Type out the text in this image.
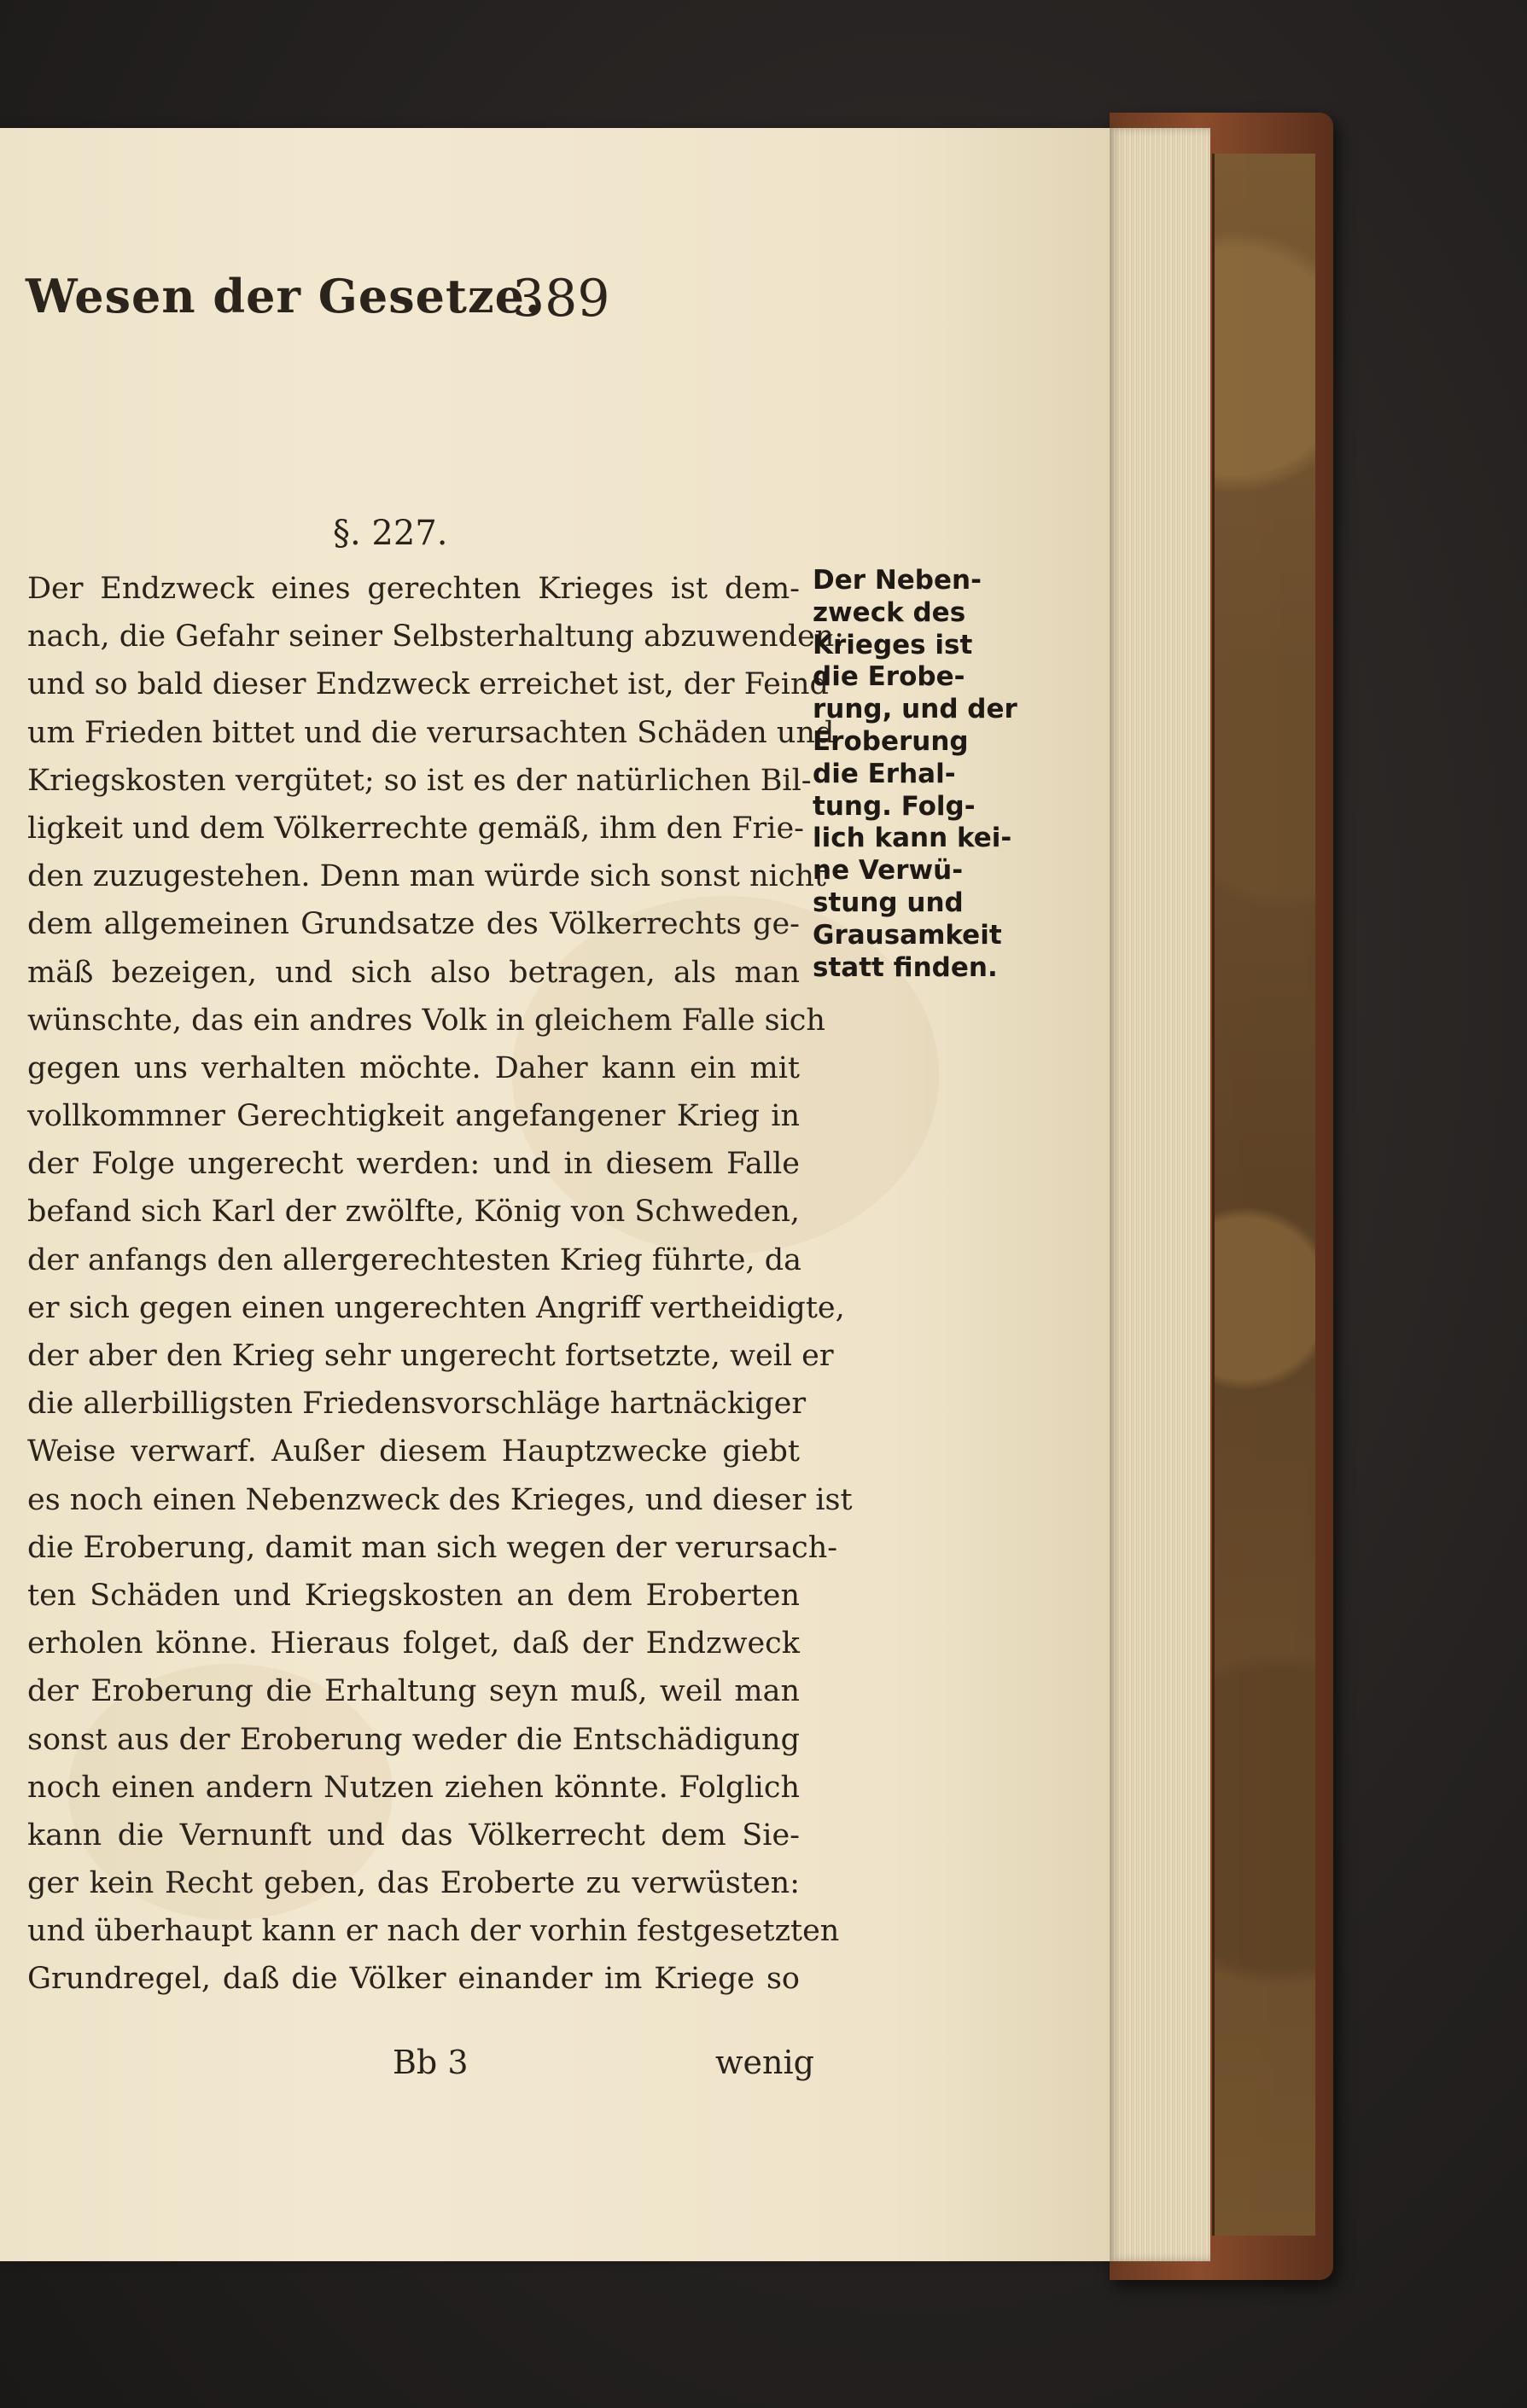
Wesen der Gesetze.
389
§. 227.
Der Endzweck eines gerechten Krieges ist dem-
nach, die Gefahr seiner Selbsterhaltung abzuwenden:
und so bald dieser Endzweck erreichet ist, der Feind
um Frieden bittet und die verursachten Schäden und
Kriegskosten vergütet; so ist es der natürlichen Bil-
ligkeit und dem Völkerrechte gemäß, ihm den Frie-
den zuzugestehen. Denn man würde sich sonst nicht
dem allgemeinen Grundsatze des Völkerrechts ge-
mäß bezeigen, und sich also betragen, als man
wünschte, das ein andres Volk in gleichem Falle sich
gegen uns verhalten möchte. Daher kann ein mit
vollkommner Gerechtigkeit angefangener Krieg in
der Folge ungerecht werden: und in diesem Falle
befand sich Karl der zwölfte, König von Schweden,
der anfangs den allergerechtesten Krieg führte, da
er sich gegen einen ungerechten Angriff vertheidigte,
der aber den Krieg sehr ungerecht fortsetzte, weil er
die allerbilligsten Friedensvorschläge hartnäckiger
Weise verwarf. Außer diesem Hauptzwecke giebt
es noch einen Nebenzweck des Krieges, und dieser ist
die Eroberung, damit man sich wegen der verursach-
ten Schäden und Kriegskosten an dem Eroberten
erholen könne. Hieraus folget, daß der Endzweck
der Eroberung die Erhaltung seyn muß, weil man
sonst aus der Eroberung weder die Entschädigung
noch einen andern Nutzen ziehen könnte. Folglich
kann die Vernunft und das Völkerrecht dem Sie-
ger kein Recht geben, das Eroberte zu verwüsten:
und überhaupt kann er nach der vorhin festgesetzten
Grundregel, daß die Völker einander im Kriege so
Der Neben-
zweck des
Krieges ist
die Erobe-
rung, und der
Eroberung
die Erhal-
tung. Folg-
lich kann kei-
ne Verwü-
stung und
Grausamkeit
statt finden.
Bb 3	wenig
